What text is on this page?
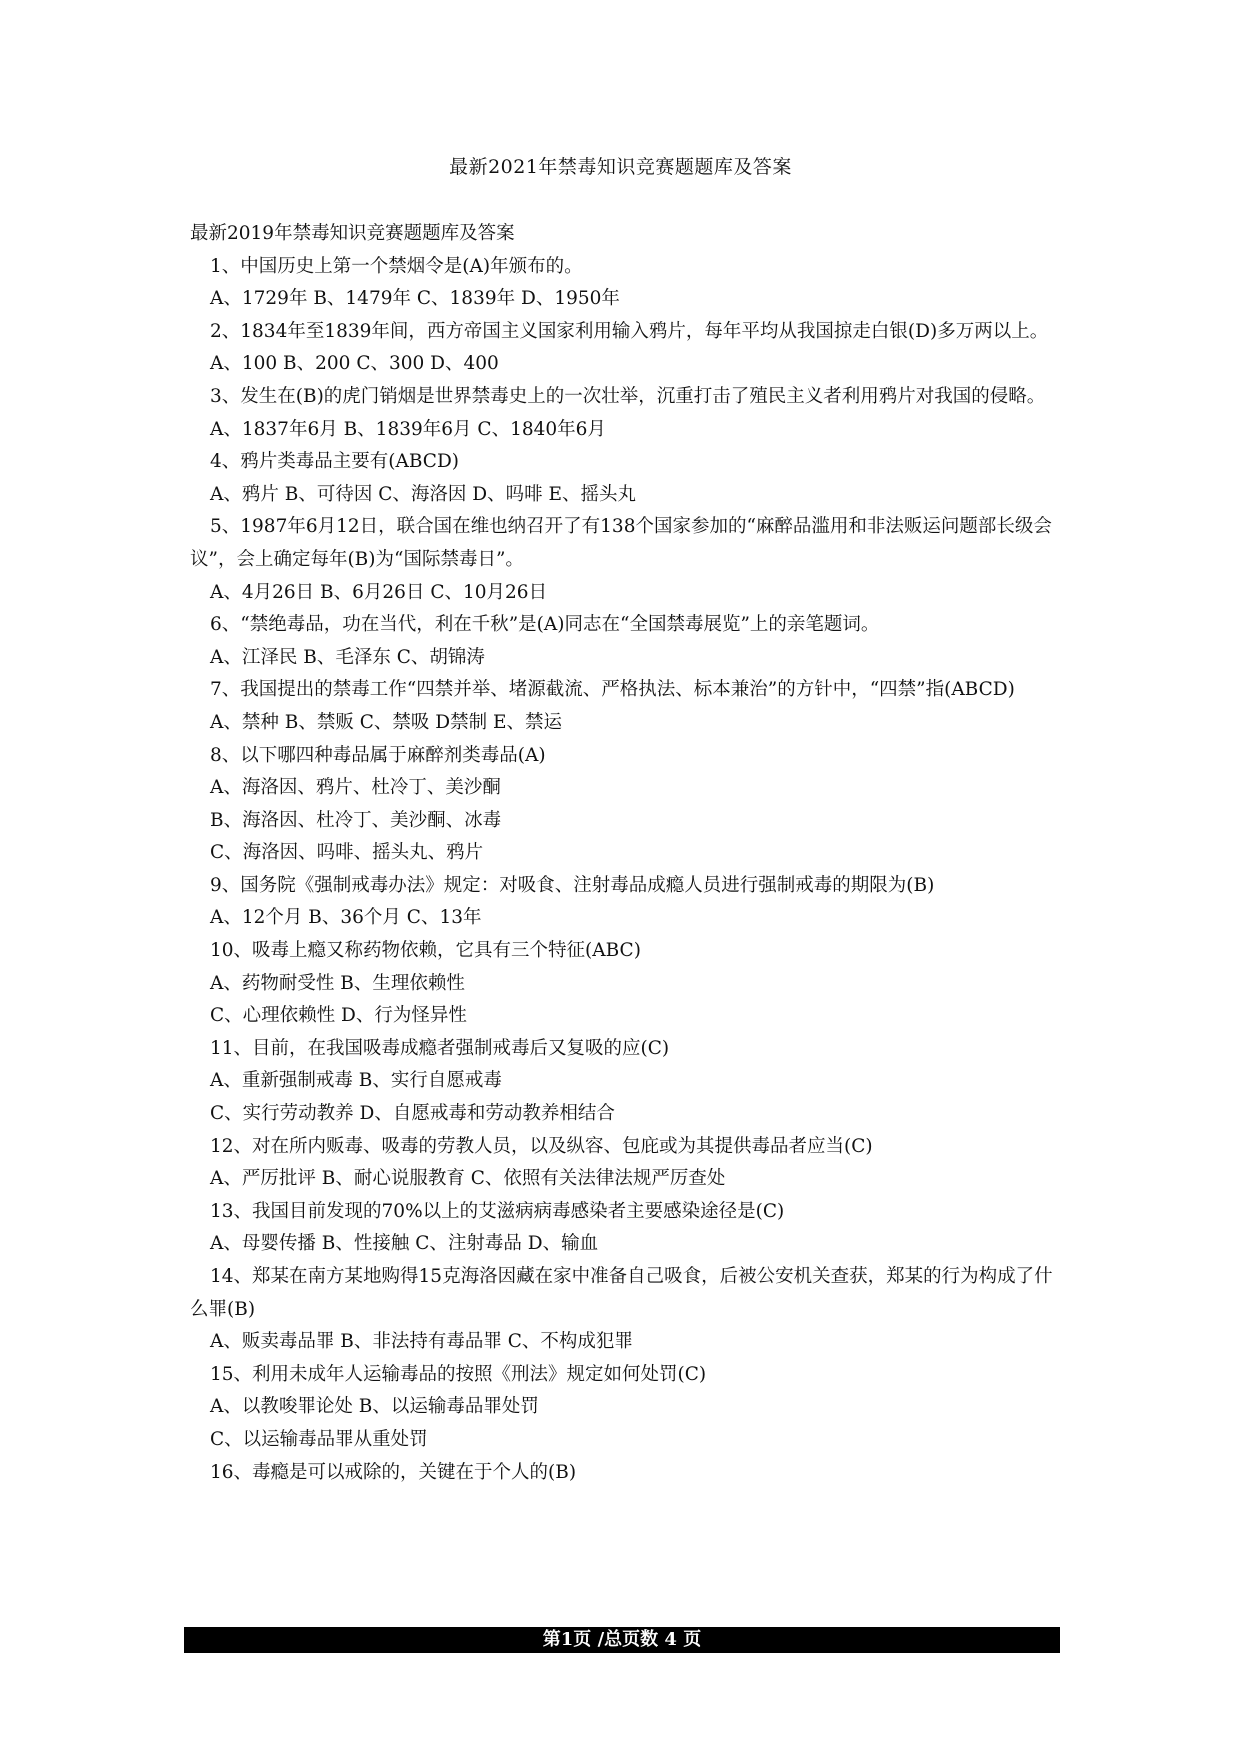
最新2021年禁毒知识竞赛题题库及答案
最新2019年禁毒知识竞赛题题库及答案
1、中国历史上第一个禁烟令是(A)年颁布的。
A、1729年 B、1479年 C、1839年 D、1950年
2、1834年至1839年间，西方帝国主义国家利用输入鸦片，每年平均从我国掠走白银(D)多万两以上。
A、100 B、200 C、300 D、400
3、发生在(B)的虎门销烟是世界禁毒史上的一次壮举，沉重打击了殖民主义者利用鸦片对我国的侵略。
A、1837年6月 B、1839年6月 C、1840年6月
4、鸦片类毒品主要有(ABCD)
A、鸦片 B、可待因 C、海洛因 D、吗啡 E、摇头丸
5、1987年6月12日，联合国在维也纳召开了有138个国家参加的“麻醉品滥用和非法贩运问题部长级会议”，会上确定每年(B)为“国际禁毒日”。
A、4月26日 B、6月26日 C、10月26日
6、“禁绝毒品，功在当代，利在千秋”是(A)同志在“全国禁毒展览”上的亲笔题词。
A、江泽民 B、毛泽东 C、胡锦涛
7、我国提出的禁毒工作“四禁并举、堵源截流、严格执法、标本兼治”的方针中，“四禁”指(ABCD)
A、禁种 B、禁贩 C、禁吸 D禁制 E、禁运
8、以下哪四种毒品属于麻醉剂类毒品(A)
A、海洛因、鸦片、杜冷丁、美沙酮
B、海洛因、杜冷丁、美沙酮、冰毒
C、海洛因、吗啡、摇头丸、鸦片
9、国务院《强制戒毒办法》规定：对吸食、注射毒品成瘾人员进行强制戒毒的期限为(B)
A、12个月 B、36个月 C、13年
10、吸毒上瘾又称药物依赖，它具有三个特征(ABC)
A、药物耐受性 B、生理依赖性
C、心理依赖性 D、行为怪异性
11、目前，在我国吸毒成瘾者强制戒毒后又复吸的应(C)
A、重新强制戒毒 B、实行自愿戒毒
C、实行劳动教养 D、自愿戒毒和劳动教养相结合
12、对在所内贩毒、吸毒的劳教人员，以及纵容、包庇或为其提供毒品者应当(C)
A、严厉批评 B、耐心说服教育 C、依照有关法律法规严厉查处
13、我国目前发现的70%以上的艾滋病病毒感染者主要感染途径是(C)
A、母婴传播 B、性接触 C、注射毒品 D、输血
14、郑某在南方某地购得15克海洛因藏在家中准备自己吸食，后被公安机关查获，郑某的行为构成了什么罪(B)
A、贩卖毒品罪 B、非法持有毒品罪 C、不构成犯罪
15、利用未成年人运输毒品的按照《刑法》规定如何处罚(C)
A、以教唆罪论处 B、以运输毒品罪处罚
C、以运输毒品罪从重处罚
16、毒瘾是可以戒除的，关键在于个人的(B)
第1页 /总页数 4 页
